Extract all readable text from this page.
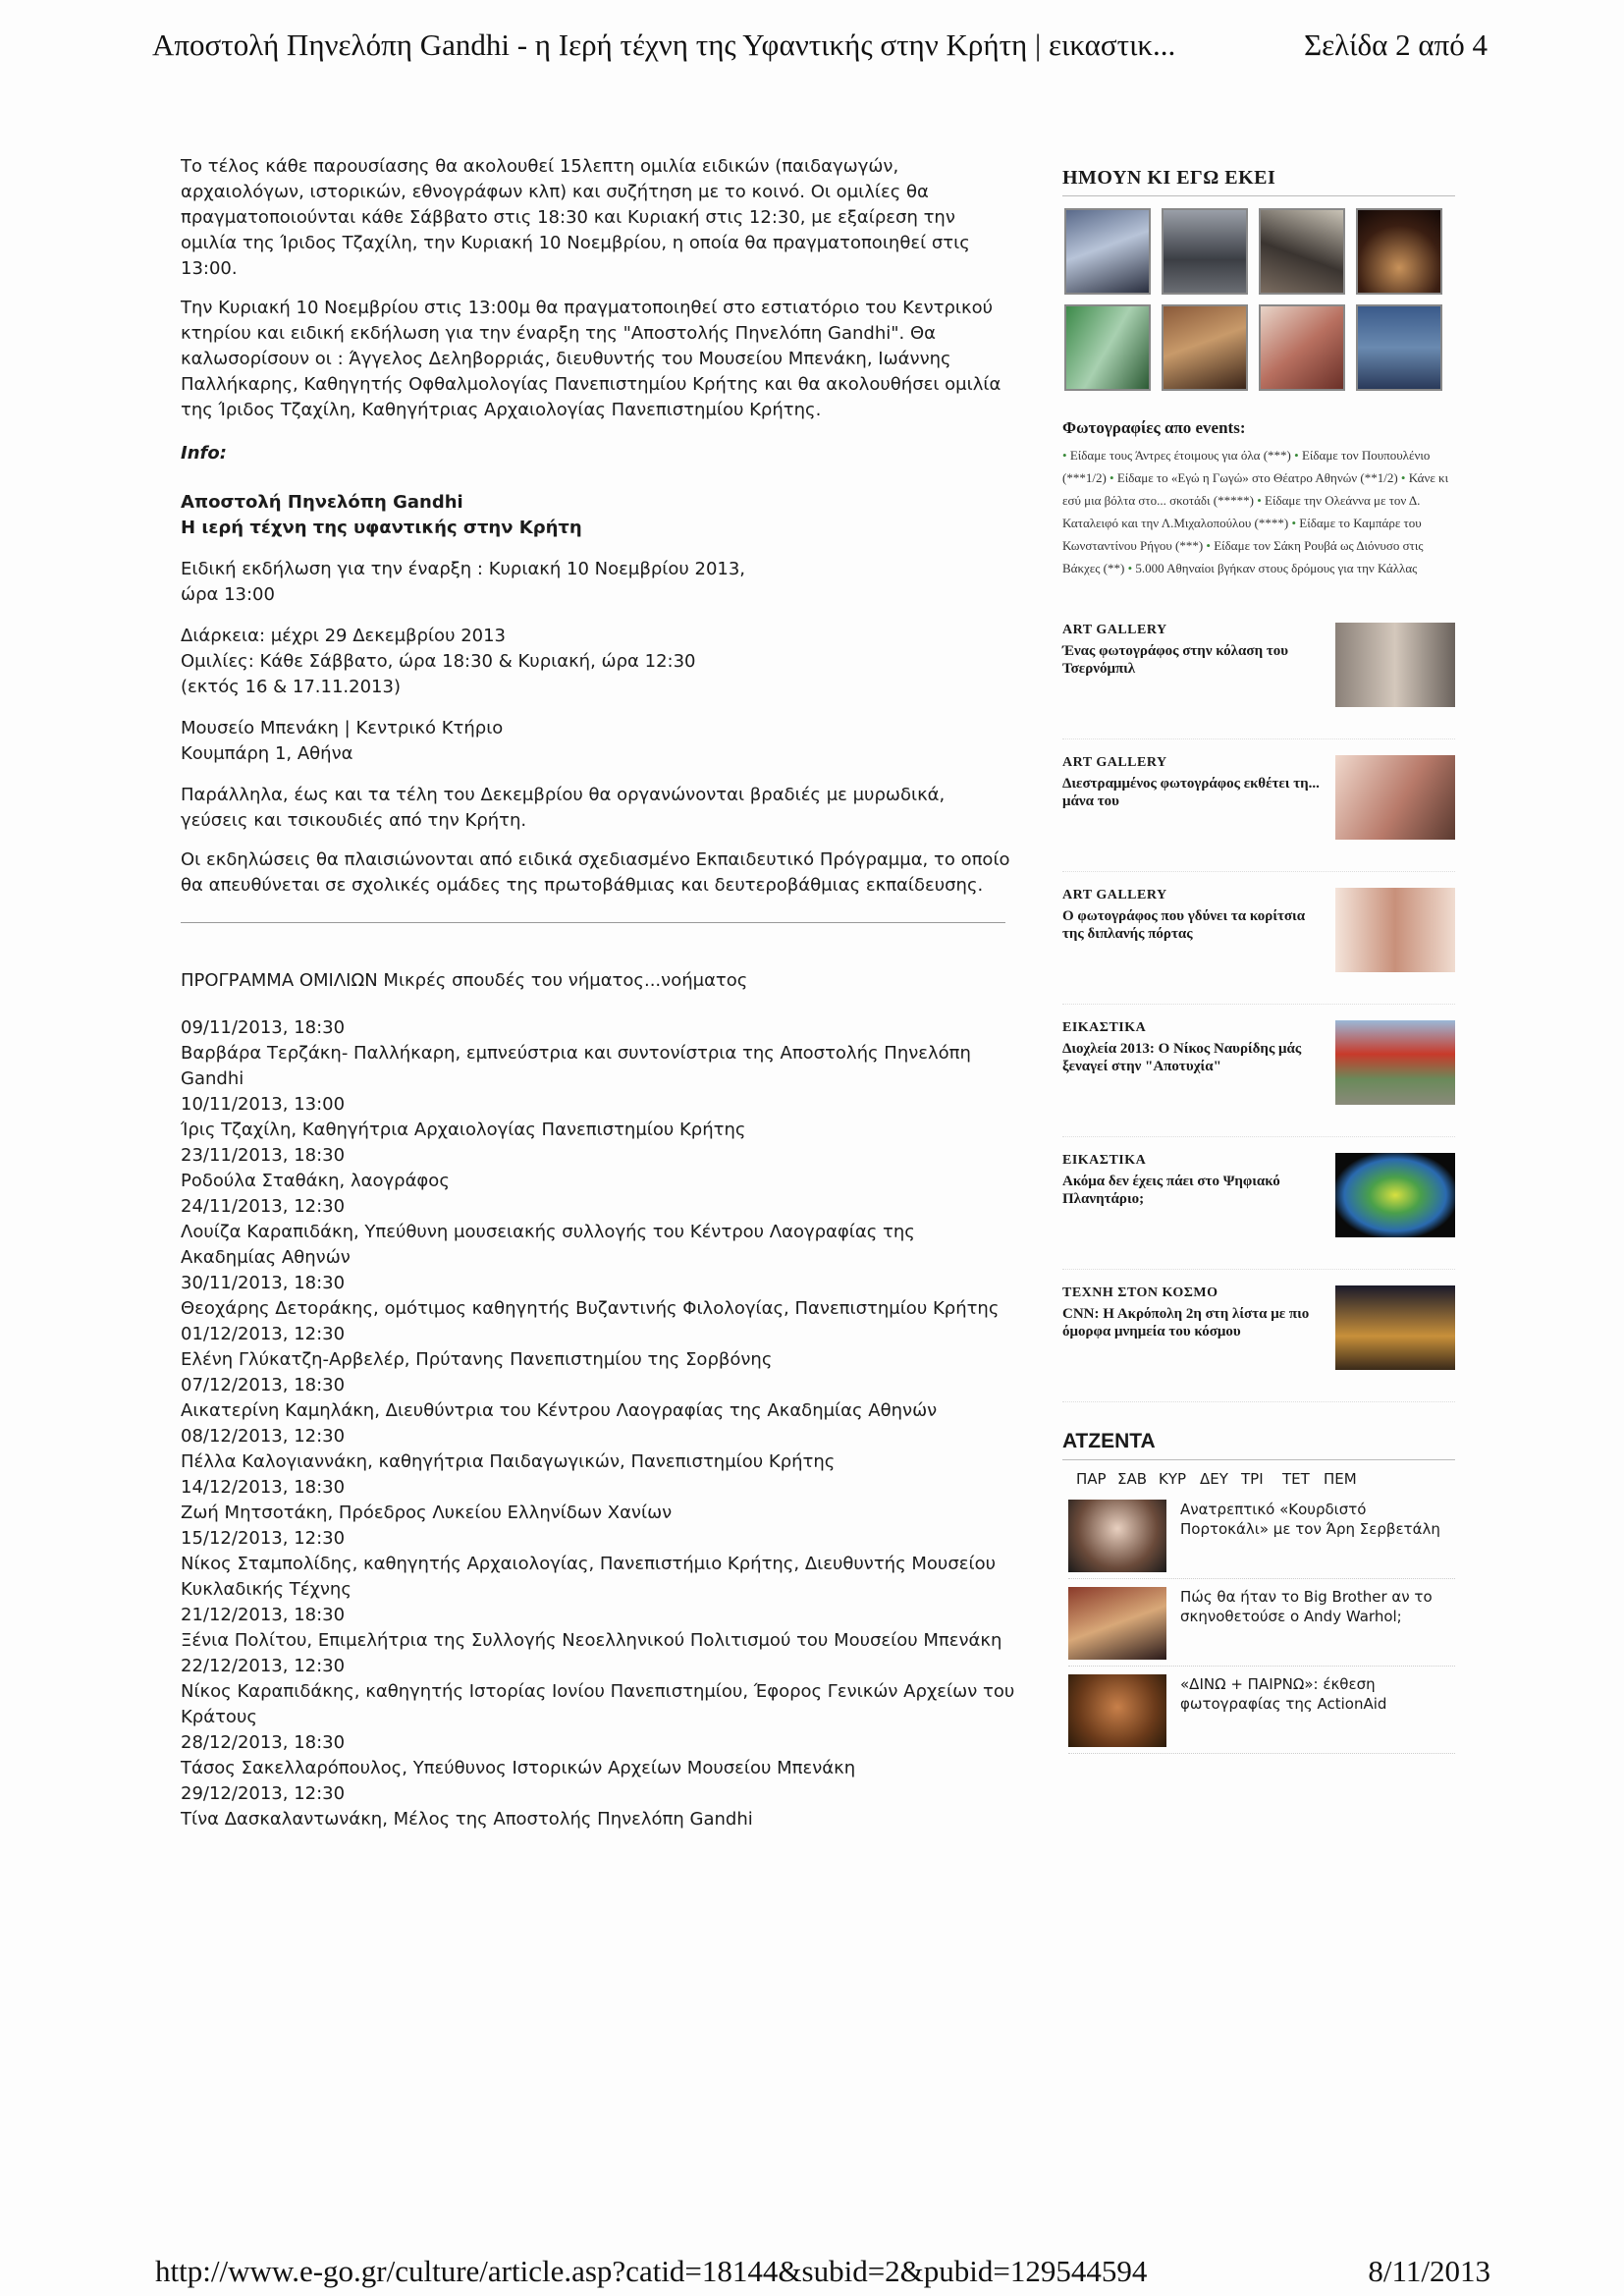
Αποστολή Πηνελόπη Gandhi - η Ιερή τέχνη της Υφαντικής στην Κρήτη | εικαστικ...	Σελίδα 2 από 4

Το τέλος κάθε παρουσίασης θα ακολουθεί 15λεπτη ομιλία ειδικών (παιδαγωγών, αρχαιολόγων, ιστορικών, εθνογράφων κλπ) και συζήτηση με το κοινό. Οι ομιλίες θα πραγματοποιούνται κάθε Σάββατο στις 18:30 και Κυριακή στις 12:30, με εξαίρεση την ομιλία της Ίριδος Τζαχίλη, την Κυριακή 10 Νοεμβρίου, η οποία θα πραγματοποιηθεί στις 13:00.

Την Κυριακή 10 Νοεμβρίου στις 13:00μ θα πραγματοποιηθεί στο εστιατόριο του Κεντρικού κτηρίου και ειδική εκδήλωση για την έναρξη της "Αποστολής Πηνελόπη Gandhi". Θα καλωσορίσουν οι : Άγγελος Δεληβορριάς, διευθυντής του Μουσείου Μπενάκη, Ιωάννης Παλλήκαρης, Καθηγητής Οφθαλμολογίας Πανεπιστημίου Κρήτης και θα ακολουθήσει ομιλία της Ίριδος Τζαχίλη, Καθηγήτριας Αρχαιολογίας Πανεπιστημίου Κρήτης.

Info:

Αποστολή Πηνελόπη Gandhi
Η ιερή τέχνη της υφαντικής στην Κρήτη
Ειδική εκδήλωση για την έναρξη : Κυριακή 10 Νοεμβρίου 2013,
ώρα 13:00
Διάρκεια: μέχρι 29 Δεκεμβρίου 2013
Ομιλίες: Κάθε Σάββατο, ώρα 18:30 & Κυριακή, ώρα 12:30
(εκτός 16 & 17.11.2013)
Μουσείο Μπενάκη | Κεντρικό Κτήριο
Κουμπάρη 1, Αθήνα

Παράλληλα, έως και τα τέλη του Δεκεμβρίου θα οργανώνονται βραδιές με μυρωδικά, γεύσεις και τσικουδιές από την Κρήτη.

Οι εκδηλώσεις θα πλαισιώνονται από ειδικά σχεδιασμένο Εκπαιδευτικό Πρόγραμμα, το οποίο θα απευθύνεται σε σχολικές ομάδες της πρωτοβάθμιας και δευτεροβάθμιας εκπαίδευσης.

ΠΡΟΓΡΑΜΜΑ ΟΜΙΛΙΩΝ Μικρές σπουδές του νήματος...νοήματος

09/11/2013, 18:30
Βαρβάρα Τερζάκη- Παλλήκαρη, εμπνεύστρια και συντονίστρια της Αποστολής Πηνελόπη Gandhi
10/11/2013, 13:00
Ίρις Τζαχίλη, Καθηγήτρια Αρχαιολογίας Πανεπιστημίου Κρήτης
23/11/2013, 18:30
Ροδούλα Σταθάκη, λαογράφος
24/11/2013, 12:30
Λουίζα Καραπιδάκη, Υπεύθυνη μουσειακής συλλογής του Κέντρου Λαογραφίας της Ακαδημίας Αθηνών
30/11/2013, 18:30
Θεοχάρης Δετοράκης, ομότιμος καθηγητής Βυζαντινής Φιλολογίας, Πανεπιστημίου Κρήτης
01/12/2013, 12:30
Ελένη Γλύκατζη-Αρβελέρ, Πρύτανης Πανεπιστημίου της Σορβόνης
07/12/2013, 18:30
Αικατερίνη Καμηλάκη, Διευθύντρια του Κέντρου Λαογραφίας της Ακαδημίας Αθηνών
08/12/2013, 12:30
Πέλλα Καλογιαννάκη, καθηγήτρια Παιδαγωγικών, Πανεπιστημίου Κρήτης
14/12/2013, 18:30
Ζωή Μητσοτάκη, Πρόεδρος Λυκείου Ελληνίδων Χανίων
15/12/2013, 12:30
Νίκος Σταμπολίδης, καθηγητής Αρχαιολογίας, Πανεπιστήμιο Κρήτης, Διευθυντής Μουσείου Κυκλαδικής Τέχνης
21/12/2013, 18:30
Ξένια Πολίτου, Επιμελήτρια της Συλλογής Νεοελληνικού Πολιτισμού του Μουσείου Μπενάκη
22/12/2013, 12:30
Νίκος Καραπιδάκης, καθηγητής Ιστορίας Ιονίου Πανεπιστημίου, Έφορος Γενικών Αρχείων του Κράτους
28/12/2013, 18:30
Τάσος Σακελλαρόπουλος, Υπεύθυνος Ιστορικών Αρχείων Μουσείου Μπενάκη
29/12/2013, 12:30
Τίνα Δασκαλαντωνάκη, Μέλος της Αποστολής Πηνελόπη Gandhi
ΗΜΟΥΝ ΚΙ ΕΓΩ ΕΚΕΙ
Φωτογραφίες απο events:
• Είδαμε τους Άντρες έτοιμους για όλα (***) • Είδαμε τον Πουπουλένιο (***1/2) • Είδαμε το «Εγώ η Γωγώ» στο Θέατρο Αθηνών (**1/2) • Κάνε κι εσύ μια βόλτα στο... σκοτάδι (*****) • Είδαμε την Ολεάννα με τον Δ. Καταλειφό και την Λ.Μιχαλοπούλου (****) • Είδαμε το Καμπάρε του Κωνσταντίνου Ρήγου (***) • Είδαμε τον Σάκη Ρουβά ως Διόνυσο στις Βάκχες (**) • 5.000 Αθηναίοι βγήκαν στους δρόμους για την Κάλλας
ART GALLERY
Ένας φωτογράφος στην κόλαση του Τσερνόμπιλ
ART GALLERY
Διεστραμμένος φωτογράφος εκθέτει τη... μάνα του
ART GALLERY
Ο φωτογράφος που γδύνει τα κορίτσια της διπλανής πόρτας
ΕΙΚΑΣΤΙΚΑ
Διοχλεία 2013: Ο Νίκος Ναυρίδης μάς ξεναγεί στην "Αποτυχία"
ΕΙΚΑΣΤΙΚΑ
Ακόμα δεν έχεις πάει στο Ψηφιακό Πλανητάριο;
ΤΕΧΝΗ ΣΤΟΝ ΚΟΣΜΟ
CNN: Η Ακρόπολη 2η στη λίστα με πιο όμορφα μνημεία του κόσμου
ΑΤΖΕΝΤΑ
ΠΑΡ ΣΑΒ ΚΥΡ ΔΕΥ ΤΡΙ	ΤΕΤ ΠΕΜ
Ανατρεπτικό «Κουρδιστό Πορτοκάλι» με τον Άρη Σερβετάλη
Πώς θα ήταν το Big Brother αν το σκηνοθετούσε ο Andy Warhol;
«ΔΙΝΩ + ΠΑΙΡΝΩ»: έκθεση φωτογραφίας της ActionAid
http://www.e-go.gr/culture/article.asp?catid=18144&subid=2&pubid=129544594	8/11/2013
